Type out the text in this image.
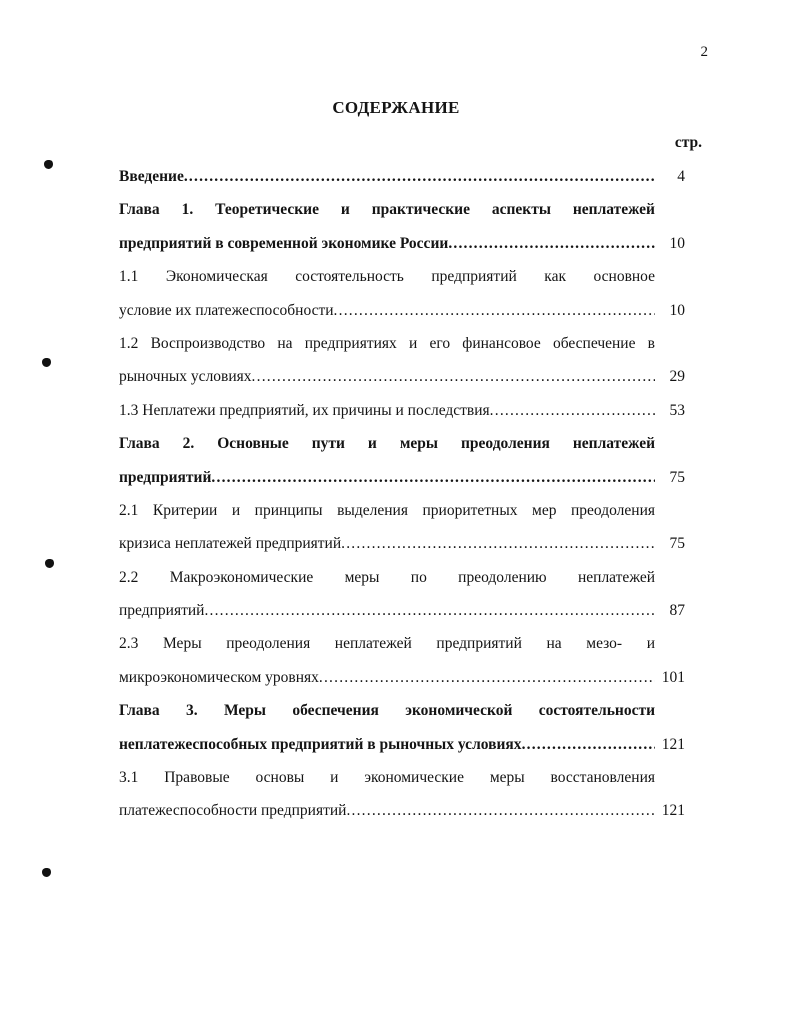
2
СОДЕРЖАНИЕ
стр.
Введение .....	4
Глава 1. Теоретические и практические аспекты неплатежей
предприятий в современной экономике России .....	10
1.1 Экономическая состоятельность предприятий как основное
условие их платежеспособности .....	10
1.2 Воспроизводство на предприятиях и его финансовое обеспечение в
рыночных условиях .....	29
1.3 Неплатежи предприятий, их причины и последствия .....	53
Глава 2. Основные пути и меры преодоления неплатежей
предприятий .....	75
2.1 Критерии и принципы выделения приоритетных мер преодоления
кризиса неплатежей предприятий .....	75
2.2 Макроэкономические меры по преодолению неплатежей
предприятий .....	87
2.3 Меры преодоления неплатежей предприятий на мезо- и
микроэкономическом уровнях .....	101
Глава 3. Меры обеспечения экономической состоятельности
неплатежеспособных предприятий в рыночных условиях .....	121
3.1 Правовые основы и экономические меры восстановления
платежеспособности предприятий .....	121
